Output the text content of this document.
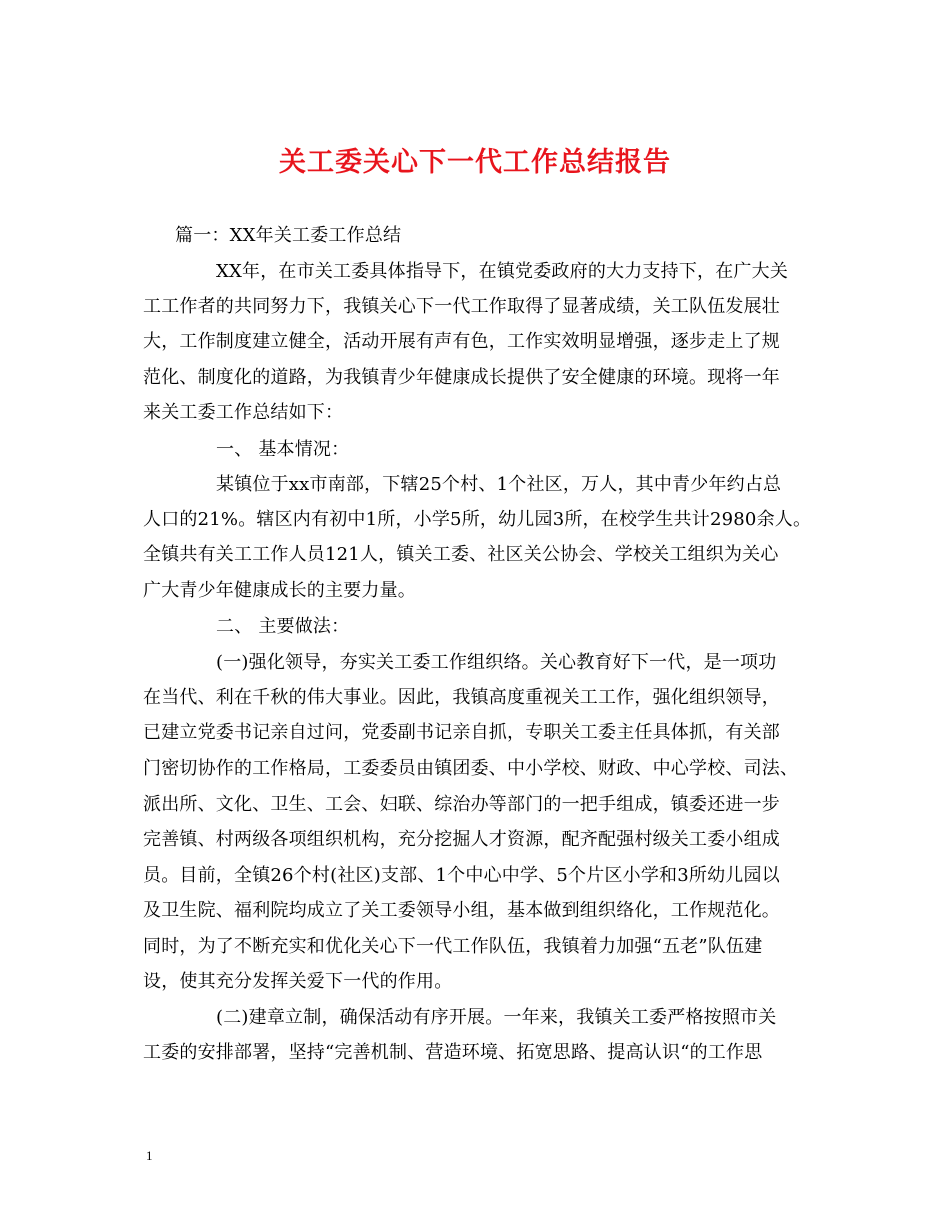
关工委关心下一代工作总结报告
篇一：XX年关工委工作总结
XX年，在市关工委具体指导下，在镇党委政府的大力支持下，在广大关
工工作者的共同努力下，我镇关心下一代工作取得了显著成绩，关工队伍发展壮
大，工作制度建立健全，活动开展有声有色，工作实效明显增强，逐步走上了规
范化、制度化的道路，为我镇青少年健康成长提供了安全健康的环境。现将一年
来关工委工作总结如下：
一、 基本情况：
某镇位于xx市南部，下辖25个村、1个社区，万人，其中青少年约占总
人口的21%。辖区内有初中1所，小学5所，幼儿园3所，在校学生共计2980余人。
全镇共有关工工作人员121人，镇关工委、社区关公协会、学校关工组织为关心
广大青少年健康成长的主要力量。
二、 主要做法：
(一)强化领导，夯实关工委工作组织络。关心教育好下一代，是一项功
在当代、利在千秋的伟大事业。因此，我镇高度重视关工工作，强化组织领导，
已建立党委书记亲自过问，党委副书记亲自抓，专职关工委主任具体抓，有关部
门密切协作的工作格局，工委委员由镇团委、中小学校、财政、中心学校、司法、
派出所、文化、卫生、工会、妇联、综治办等部门的一把手组成，镇委还进一步
完善镇、村两级各项组织机构，充分挖掘人才资源，配齐配强村级关工委小组成
员。目前，全镇26个村(社区)支部、1个中心中学、5个片区小学和3所幼儿园以
及卫生院、福利院均成立了关工委领导小组，基本做到组织络化，工作规范化。
同时，为了不断充实和优化关心下一代工作队伍，我镇着力加强“五老”队伍建
设，使其充分发挥关爱下一代的作用。
(二)建章立制，确保活动有序开展。一年来，我镇关工委严格按照市关
工委的安排部署，坚持“完善机制、营造环境、拓宽思路、提高认识“的工作思
1
